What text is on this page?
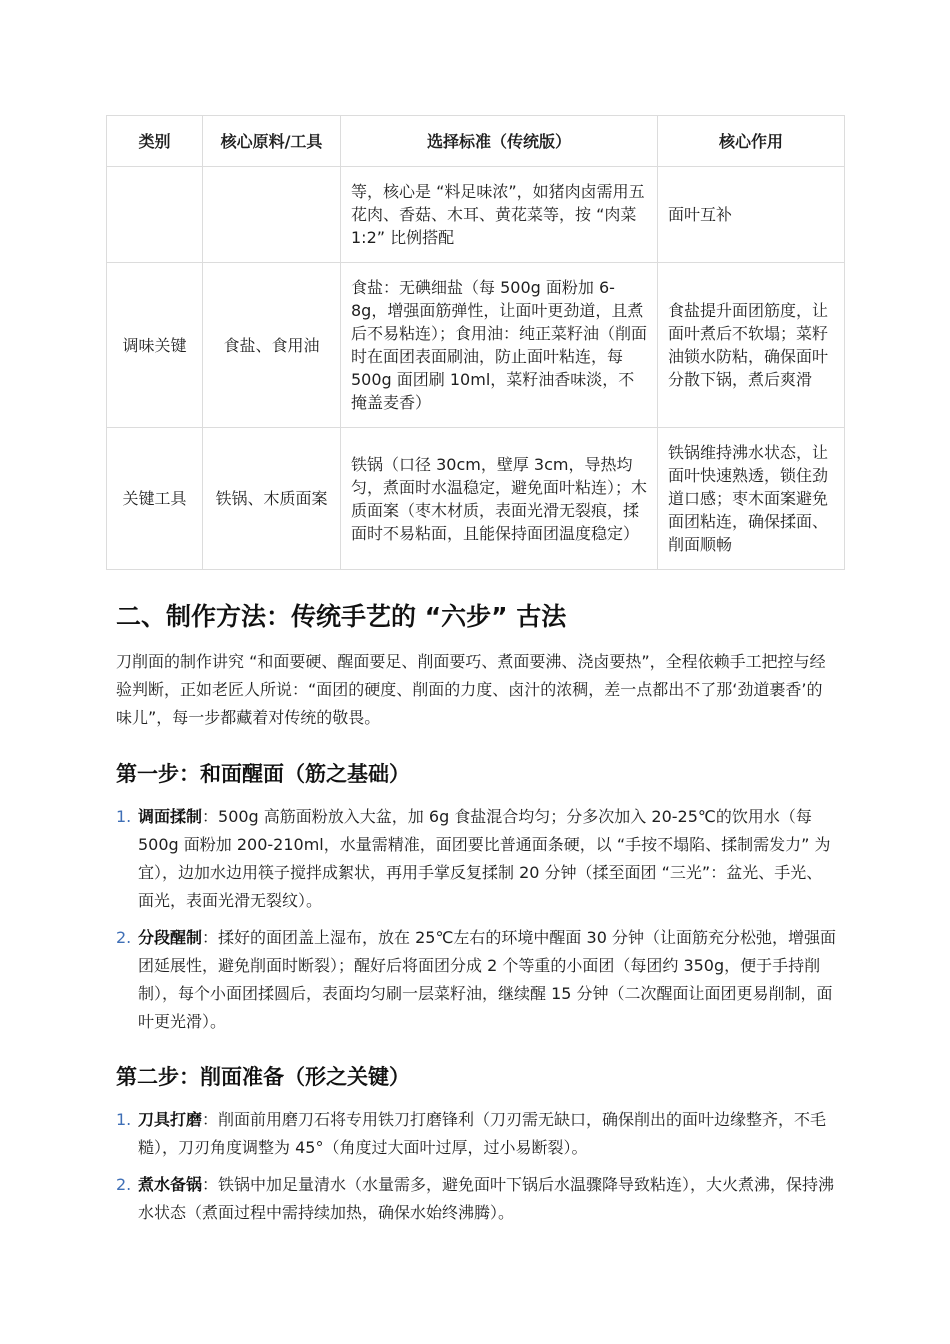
类别	核心原料/工具	选择标准（传统版）	核心作用
		等，核心是 “料足味浓”，如猪肉卤需用五花肉、香菇、木耳、黄花菜等，按 “肉菜 1:2” 比例搭配	面叶互补
调味关键	食盐、食用油	食盐：无碘细盐（每 500g 面粉加 6-8g，增强面筋弹性，让面叶更劲道，且煮后不易粘连）；食用油：纯正菜籽油（削面时在面团表面刷油，防止面叶粘连，每 500g 面团刷 10ml，菜籽油香味淡，不掩盖麦香）	食盐提升面团筋度，让面叶煮后不软塌；菜籽油锁水防粘，确保面叶分散下锅，煮后爽滑
关键工具	铁锅、木质面案	铁锅（口径 30cm，壁厚 3cm，导热均匀，煮面时水温稳定，避免面叶粘连）；木质面案（枣木材质，表面光滑无裂痕，揉面时不易粘面，且能保持面团温度稳定）	铁锅维持沸水状态，让面叶快速熟透，锁住劲道口感；枣木面案避免面团粘连，确保揉面、削面顺畅
二、制作方法：传统手艺的 “六步” 古法

刀削面的制作讲究 “和面要硬、醒面要足、削面要巧、煮面要沸、浇卤要热”，全程依赖手工把控与经验判断，正如老匠人所说：“面团的硬度、削面的力度、卤汁的浓稠，差一点都出不了那‘劲道裹香’的味儿”，每一步都藏着对传统的敬畏。

第一步：和面醒面（筋之基础）
1. 调面揉制：500g 高筋面粉放入大盆，加 6g 食盐混合均匀；分多次加入 20-25℃的饮用水（每 500g 面粉加 200-210ml，水量需精准，面团要比普通面条硬，以 “手按不塌陷、揉制需发力” 为宜），边加水边用筷子搅拌成絮状，再用手掌反复揉制 20 分钟（揉至面团 “三光”：盆光、手光、面光，表面光滑无裂纹）。
2. 分段醒制：揉好的面团盖上湿布，放在 25℃左右的环境中醒面 30 分钟（让面筋充分松弛，增强面团延展性，避免削面时断裂）；醒好后将面团分成 2 个等重的小面团（每团约 350g，便于手持削制），每个小面团揉圆后，表面均匀刷一层菜籽油，继续醒 15 分钟（二次醒面让面团更易削制，面叶更光滑）。
第二步：削面准备（形之关键）
1. 刀具打磨：削面前用磨刀石将专用铁刀打磨锋利（刀刃需无缺口，确保削出的面叶边缘整齐，不毛糙），刀刃角度调整为 45°（角度过大面叶过厚，过小易断裂）。
2. 煮水备锅：铁锅中加足量清水（水量需多，避免面叶下锅后水温骤降导致粘连），大火煮沸，保持沸水状态（煮面过程中需持续加热，确保水始终沸腾）。
